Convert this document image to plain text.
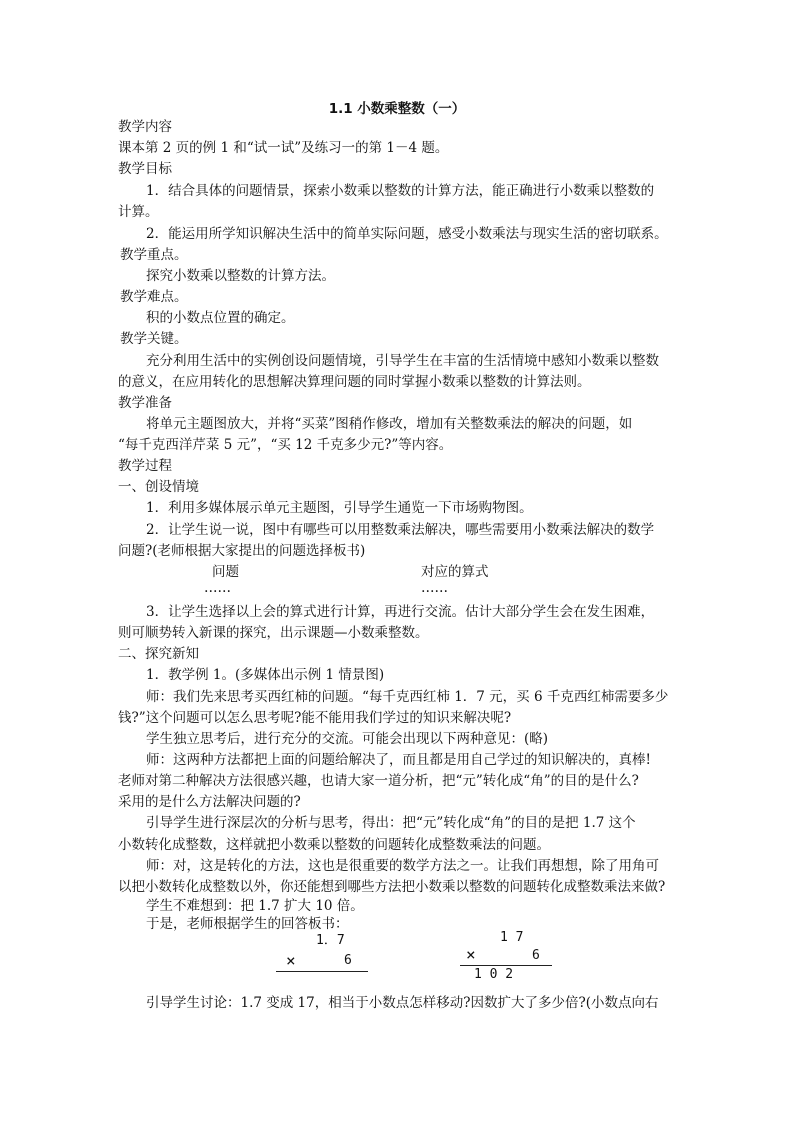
1.1 小数乘整数（一）
教学内容
课本第 2 页的例 1 和“试一试”及练习一的第 1－4 题。
教学目标
1．结合具体的问题情景，探索小数乘以整数的计算方法，能正确进行小数乘以整数的
计算。
2．能运用所学知识解决生活中的简单实际问题，感受小数乘法与现实生活的密切联系。
教学重点。
探究小数乘以整数的计算方法。
教学难点。
积的小数点位置的确定。
教学关键。
充分利用生活中的实例创设问题情境，引导学生在丰富的生活情境中感知小数乘以整数
的意义，在应用转化的思想解决算理问题的同时掌握小数乘以整数的计算法则。
教学准备
将单元主题图放大，并将“买菜”图稍作修改，增加有关整数乘法的解决的问题，如
“每千克西洋芹菜 5 元”，“买 12 千克多少元?”等内容。
教学过程
一、创设情境
1．利用多媒体展示单元主题图，引导学生通览一下市场购物图。
2．让学生说一说，图中有哪些可以用整数乘法解决，哪些需要用小数乘法解决的数学
问题?(老师根据大家提出的问题选择板书)
问题	对应的算式
……	……
3．让学生选择以上会的算式进行计算，再进行交流。估计大部分学生会在发生困难，
则可顺势转入新课的探究，出示课题—小数乘整数。
二、探究新知
1．教学例 1。(多媒体出示例 1 情景图)
师：我们先来思考买西红柿的问题。“每千克西红柿 1．7 元，买 6 千克西红柿需要多少
钱?”这个问题可以怎么思考呢?能不能用我们学过的知识来解决呢?
学生独立思考后，进行充分的交流。可能会出现以下两种意见：(略)
师：这两种方法都把上面的问题给解决了，而且都是用自己学过的知识解决的，真棒!
老师对第二种解决方法很感兴趣，也请大家一道分析，把“元”转化成“角”的目的是什么?
采用的是什么方法解决问题的?
引导学生进行深层次的分析与思考，得出：把“元”转化成“角”的目的是把 1.7 这个
小数转化成整数，这样就把小数乘以整数的问题转化成整数乘法的问题。
师：对，这是转化的方法，这也是很重要的数学方法之一。让我们再想想，除了用角可
以把小数转化成整数以外，你还能想到哪些方法把小数乘以整数的问题转化成整数乘法来做?
学生不难想到：把 1.7 扩大 10 倍。
于是，老师根据学生的回答板书：
1．7
×	6
1 7
×	6
1 0 2
引导学生讨论：1.7 变成 17，相当于小数点怎样移动?因数扩大了多少倍?(小数点向右
